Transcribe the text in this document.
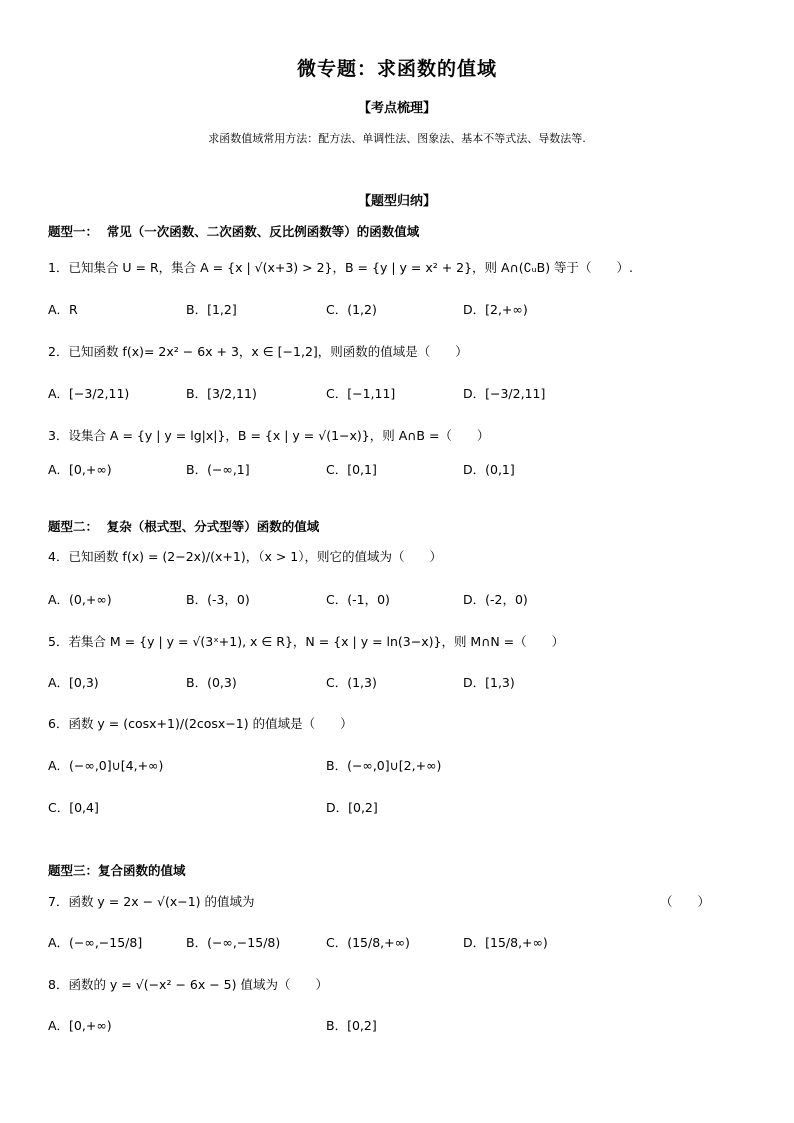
微专题：求函数的值域
【考点梳理】
求函数值域常用方法：配方法、单调性法、图象法、基本不等式法、导数法等.
【题型归纳】
题型一： 常见（一次函数、二次函数、反比例函数等）的函数值域
1．已知集合 U = R，集合 A = {x | √(x+3) > 2}，B = {y | y = x² + 2}，则 A∩(∁ᵤB) 等于（　　）.
A．R	B．[1,2]	C．(1,2)	D．[2,+∞)
2．已知函数 f(x)= 2x² − 6x + 3，x ∈ [−1,2]，则函数的值域是（　　）
A．[−3/2,11)	B．[3/2,11)	C．[−1,11]	D．[−3/2,11]
3．设集合 A = {y | y = lg|x|}，B = {x | y = √(1−x)}，则 A∩B =（　　）
A．[0,+∞)	B．(−∞,1]	C．[0,1]	D．(0,1]
题型二： 复杂（根式型、分式型等）函数的值域
4．已知函数 f(x) = (2−2x)/(x+1)，（x > 1），则它的值域为（　　）
A．(0,+∞)	B．(-3，0)	C．(-1，0)	D．(-2，0)
5．若集合 M = {y | y = √(3ˣ+1), x ∈ R}，N = {x | y = ln(3−x)}，则 M∩N =（　　）
A．[0,3)	B．(0,3)	C．(1,3)	D．[1,3)
6．函数 y = (cosx+1)/(2cosx−1) 的值域是（　　）
A．(−∞,0]∪[4,+∞)	B．(−∞,0]∪[2,+∞)
C．[0,4]	D．[0,2]
题型三：复合函数的值域
7．函数 y = 2x − √(x−1) 的值域为	（　　）
A．(−∞,−15/8]	B．(−∞,−15/8)	C．(15/8,+∞)	D．[15/8,+∞)
8．函数的 y = √(−x² − 6x − 5) 值域为（　　）
A．[0,+∞)	B．[0,2]
